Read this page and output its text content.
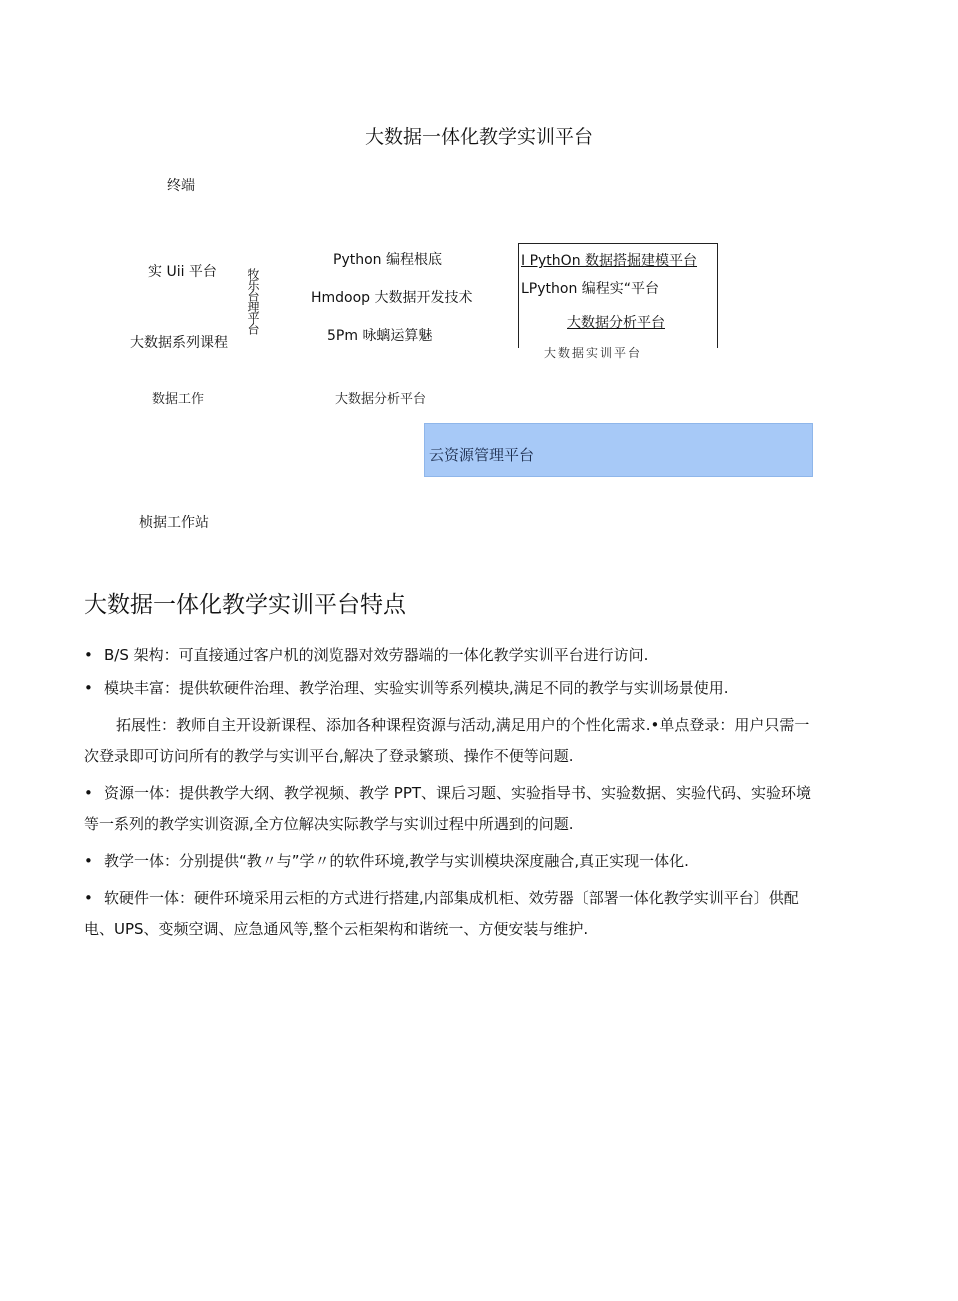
大数据一体化教学实训平台
终端
实 Uii 平台
大数据系列课程
桢据工作站
牧乐台理平台
Python 编程根底
Hmdoop 大数据开发技术
5Pm 咏螭运算魅
I PythOn 数据搭掘建模平台
LPython 编程实“平台
大数据分析平台
大数据实训平台
数据工作	大数据分析平台
云资源管理平台
大数据一体化教学实训平台特点
• B/S 架构：可直接通过客户机的浏览器对效劳器端的一体化教学实训平台进行访问.
• 模块丰富：提供软硬件治理、教学治理、实验实训等系列模块,满足不同的教学与实训场景使用.
拓展性：教师自主开设新课程、添加各种课程资源与活动,满足用户的个性化需求.•单点登录：用户只需一次登录即可访问所有的教学与实训平台,解决了登录繁琐、操作不便等问题.
• 资源一体：提供教学大纲、教学视频、教学 PPT、课后习题、实验指导书、实验数据、实验代码、实验环境等一系列的教学实训资源,全方位解决实际教学与实训过程中所遇到的问题.
• 教学一体：分别提供“教〃与”学〃的软件环境,教学与实训模块深度融合,真正实现一体化.
• 软硬件一体：硬件环境采用云柜的方式进行搭建,内部集成机柜、效劳器〔部署一体化教学实训平台〕供配电、UPS、变频空调、应急通风等,整个云柜架构和谐统一、方便安装与维护.
